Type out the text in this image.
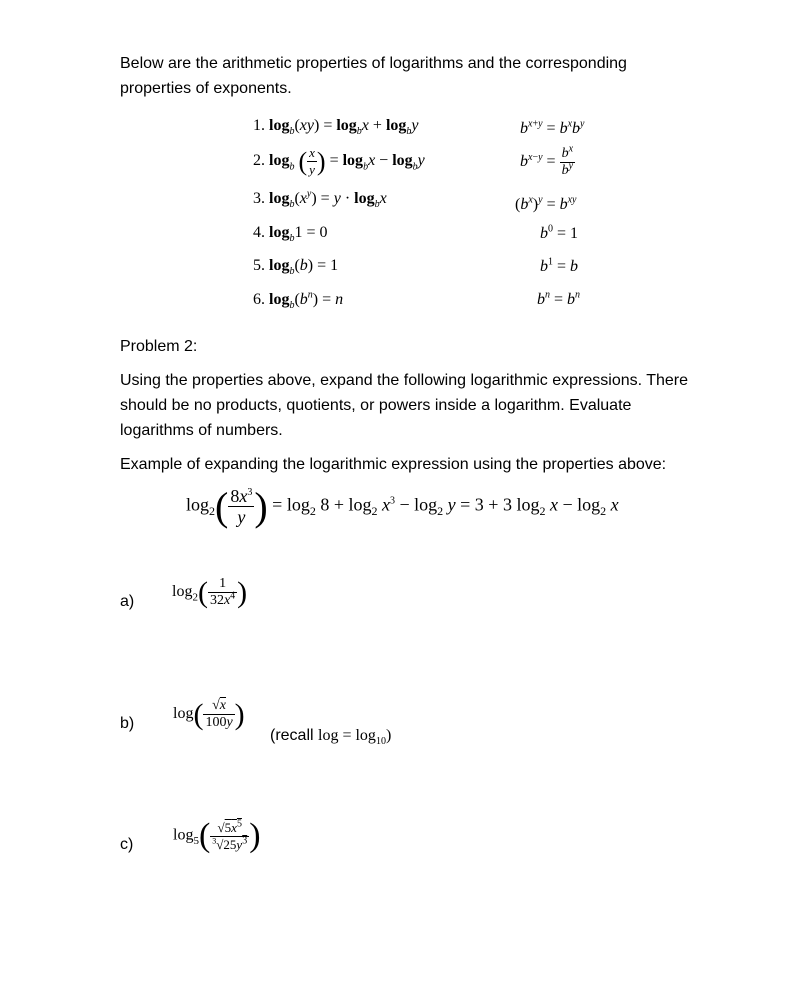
Below are the arithmetic properties of logarithms and the corresponding
properties of exponents.
1. $\log_b(xy) = \log_bx + \log_by$
2. $\log_b$ ( $\frac{x}{y}$ ) = $\log_bx - \log_by$
3. $\log_b(x^y) = y \cdot \log_bx$
4. $\log_b1 = 0$
5. $\log_b(b) = 1$
6. $\log_b(b^n) = n$
$b^{x+y} = b^xb^y$
$b^{x-y} = \frac{b^x}{b^y}$
$(b^x)^y = b^{xy}$
$b^0 = 1$
$b^1 = b$
$b^n = b^n$
Problem 2:
Using the properties above, expand the following logarithmic expressions. There
should be no products, quotients, or powers inside a logarithm. Evaluate
logarithms of numbers.
Example of expanding the logarithmic expression using the properties above:
$\log_2( \frac{8x^3}{y}$ ) = $\log_2 8 + \log_2 x^3 - \log_2 y = 3 + 3$ $\log_2 x - \log_2 x$
a)
$\log_2( \frac{1}{32x^4}$ )
b)
$\log( \frac{√x}{100y}$ )
(recall $\log = \log_{10}$)
c)
$\log_5( \frac{√5x^5}{^3√25y^3}$ )
